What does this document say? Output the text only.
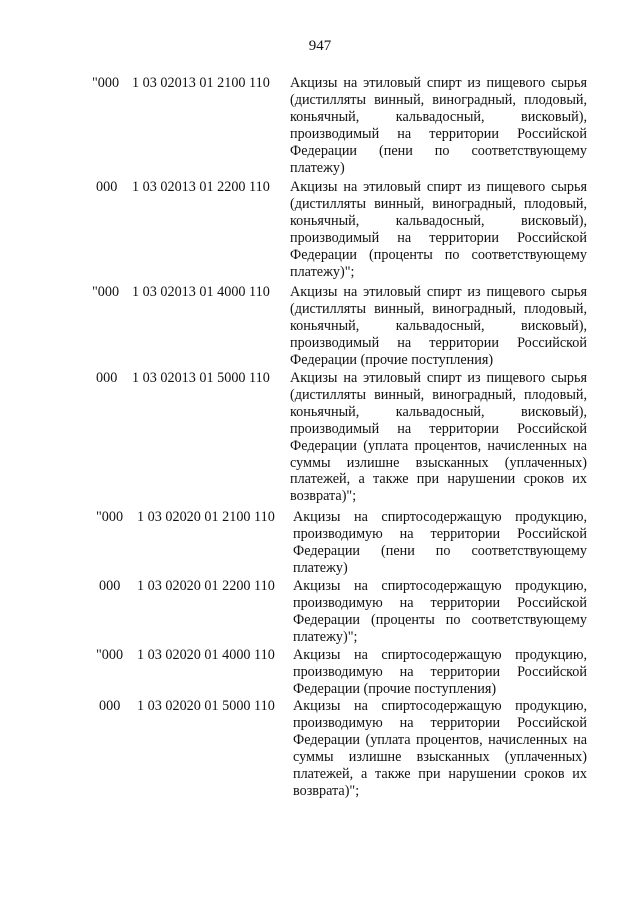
947
"000 1 03 02013 01 2100 110 Акцизы на этиловый спирт из пищевого сырья (дистилляты винный, виноградный, плодовый, коньячный, кальвадосный, висковый), производимый на территории Российской Федерации (пени по соответствующему платежу)
000 1 03 02013 01 2200 110 Акцизы на этиловый спирт из пищевого сырья (дистилляты винный, виноградный, плодовый, коньячный, кальвадосный, висковый), производимый на территории Российской Федерации (проценты по соответствующему платежу)";
"000 1 03 02013 01 4000 110 Акцизы на этиловый спирт из пищевого сырья (дистилляты винный, виноградный, плодовый, коньячный, кальвадосный, висковый), производимый на территории Российской Федерации (прочие поступления)
000 1 03 02013 01 5000 110 Акцизы на этиловый спирт из пищевого сырья (дистилляты винный, виноградный, плодовый, коньячный, кальвадосный, висковый), производимый на территории Российской Федерации (уплата процентов, начисленных на суммы излишне взысканных (уплаченных) платежей, а также при нарушении сроков их возврата)";
"000 1 03 02020 01 2100 110 Акцизы на спиртосодержащую продукцию, производимую на территории Российской Федерации (пени по соответствующему платежу)
000 1 03 02020 01 2200 110 Акцизы на спиртосодержащую продукцию, производимую на территории Российской Федерации (проценты по соответствующему платежу)";
"000 1 03 02020 01 4000 110 Акцизы на спиртосодержащую продукцию, производимую на территории Российской Федерации (прочие поступления)
000 1 03 02020 01 5000 110 Акцизы на спиртосодержащую продукцию, производимую на территории Российской Федерации (уплата процентов, начисленных на суммы излишне взысканных (уплаченных) платежей, а также при нарушении сроков их возврата)";
